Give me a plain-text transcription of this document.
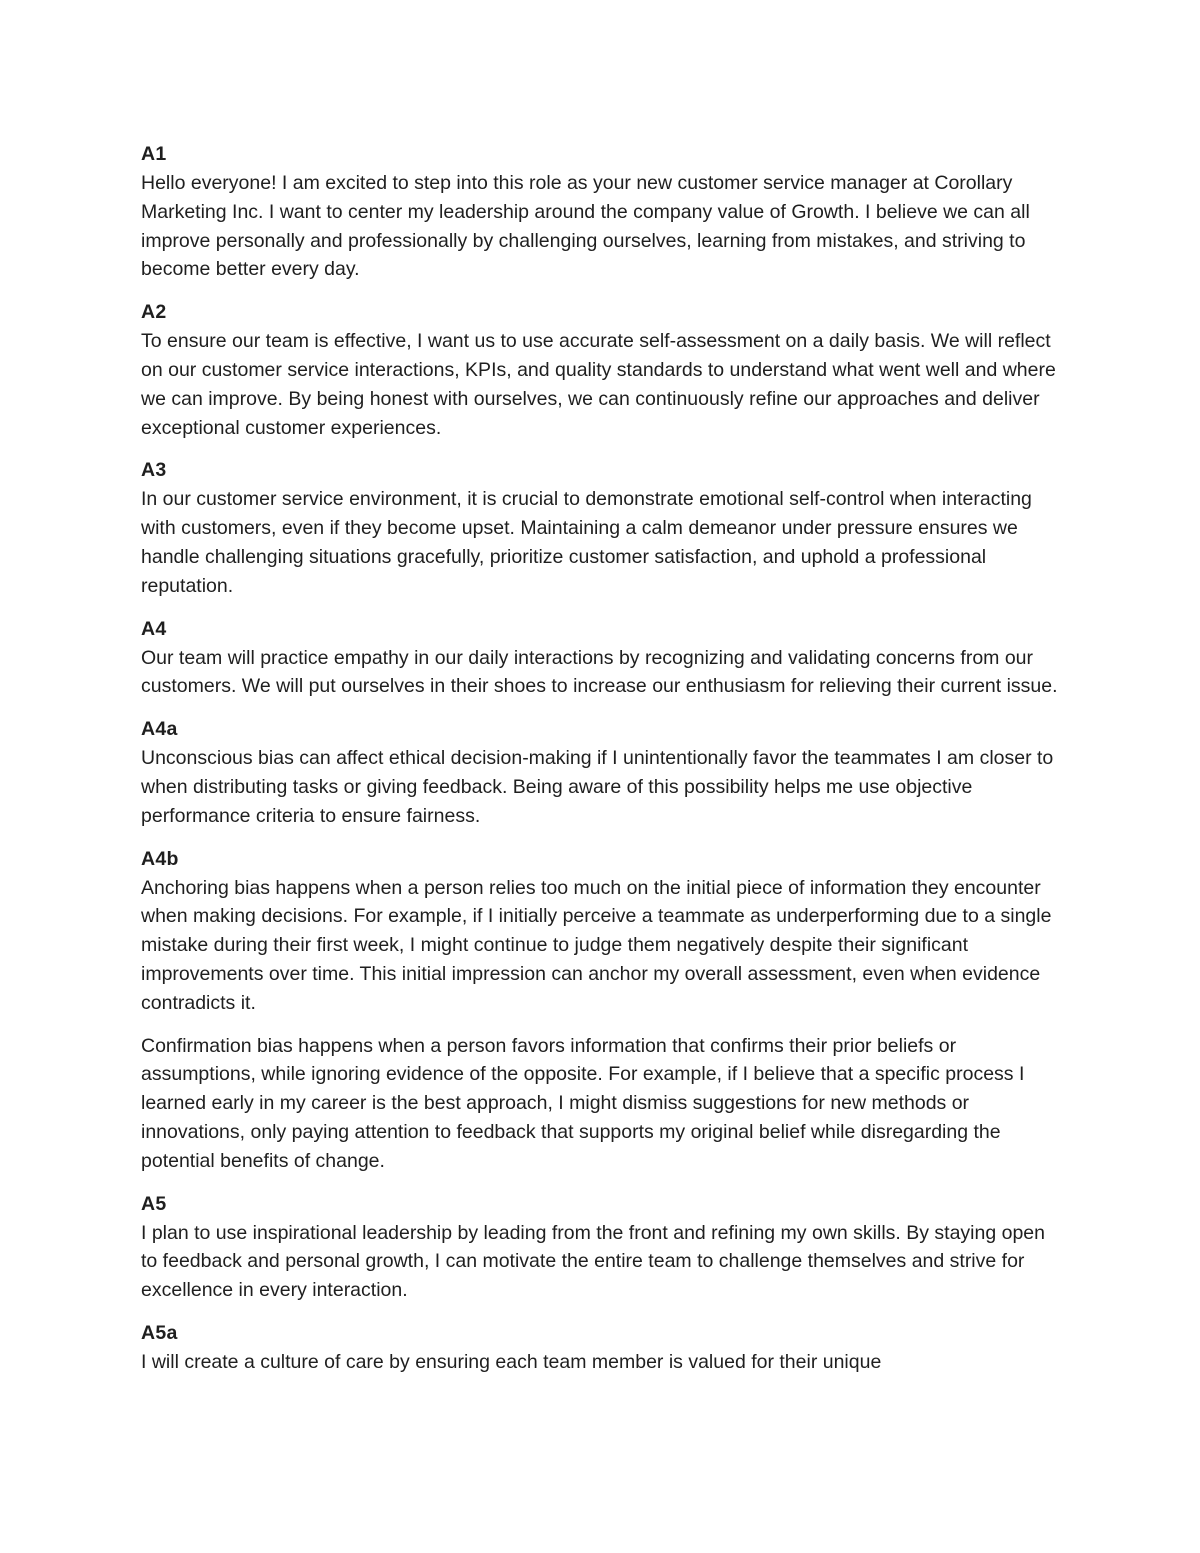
A1

Hello everyone! I am excited to step into this role as your new customer service manager at Corollary Marketing Inc. I want to center my leadership around the company value of Growth. I believe we can all improve personally and professionally by challenging ourselves, learning from mistakes, and striving to become better every day.

A2

To ensure our team is effective, I want us to use accurate self-assessment on a daily basis. We will reflect on our customer service interactions, KPIs, and quality standards to understand what went well and where we can improve. By being honest with ourselves, we can continuously refine our approaches and deliver exceptional customer experiences.

A3

In our customer service environment, it is crucial to demonstrate emotional self-control when interacting with customers, even if they become upset. Maintaining a calm demeanor under pressure ensures we handle challenging situations gracefully, prioritize customer satisfaction, and uphold a professional reputation.

A4

Our team will practice empathy in our daily interactions by recognizing and validating concerns from our customers. We will put ourselves in their shoes to increase our enthusiasm for relieving their current issue.

A4a

Unconscious bias can affect ethical decision-making if I unintentionally favor the teammates I am closer to when distributing tasks or giving feedback. Being aware of this possibility helps me use objective performance criteria to ensure fairness.

A4b

Anchoring bias happens when a person relies too much on the initial piece of information they encounter when making decisions. For example, if I initially perceive a teammate as underperforming due to a single mistake during their first week, I might continue to judge them negatively despite their significant improvements over time. This initial impression can anchor my overall assessment, even when evidence contradicts it.

Confirmation bias happens when a person favors information that confirms their prior beliefs or assumptions, while ignoring evidence of the opposite. For example, if I believe that a specific process I learned early in my career is the best approach, I might dismiss suggestions for new methods or innovations, only paying attention to feedback that supports my original belief while disregarding the potential benefits of change.

A5

I plan to use inspirational leadership by leading from the front and refining my own skills. By staying open to feedback and personal growth, I can motivate the entire team to challenge themselves and strive for excellence in every interaction.

A5a

I will create a culture of care by ensuring each team member is valued for their unique
